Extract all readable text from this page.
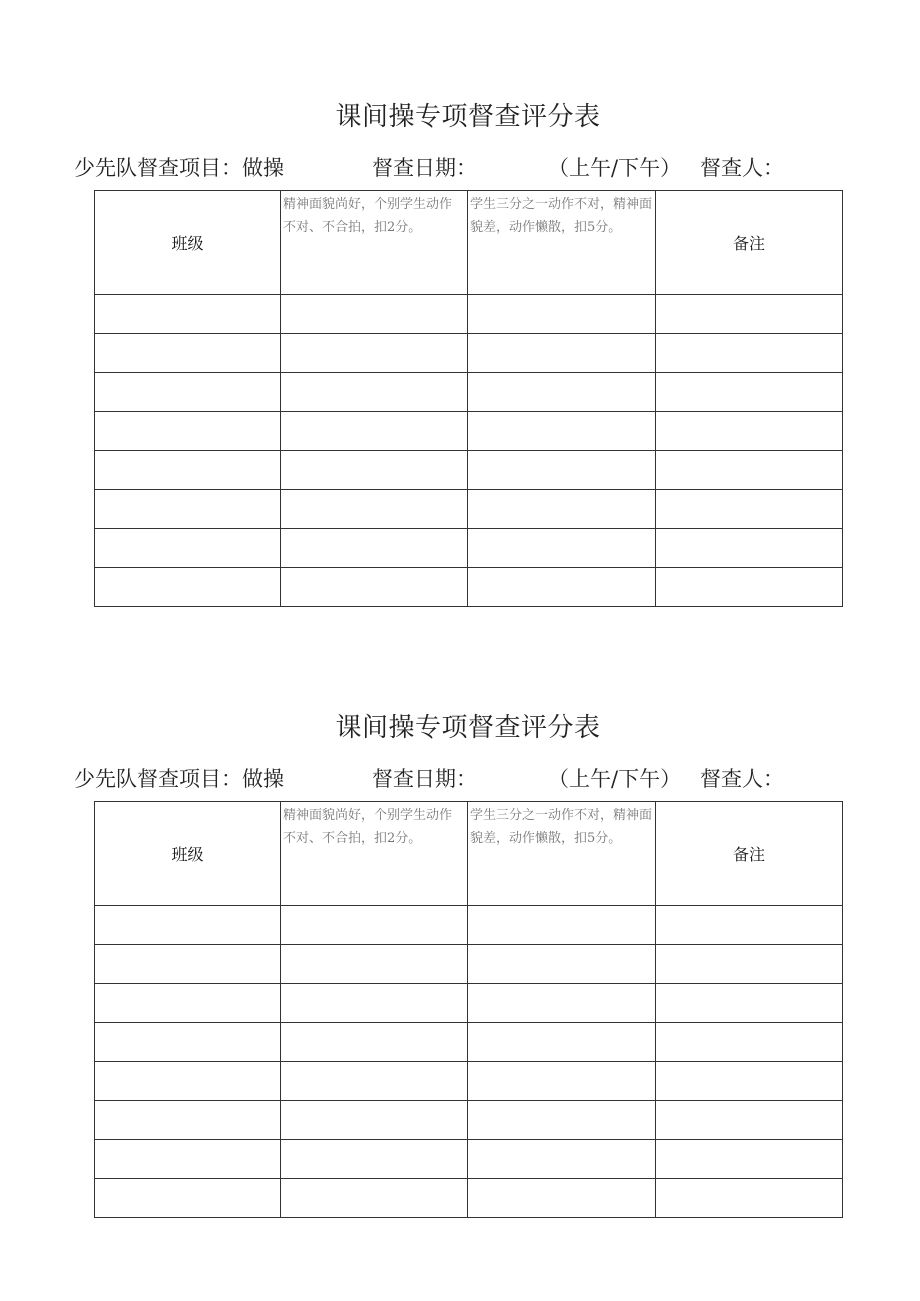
课间操专项督查评分表
少先队督查项目：做操	督查日期：	（上午/下午） 督查人：
班级	精神面貌尚好，个别学生动作不对、不合拍，扣2分。	学生三分之一动作不对，精神面貌差，动作懒散，扣5分。	备注

课间操专项督查评分表
少先队督查项目：做操	督查日期：	（上午/下午） 督查人：
班级	精神面貌尚好，个别学生动作不对、不合拍，扣2分。	学生三分之一动作不对，精神面貌差，动作懒散，扣5分。	备注
